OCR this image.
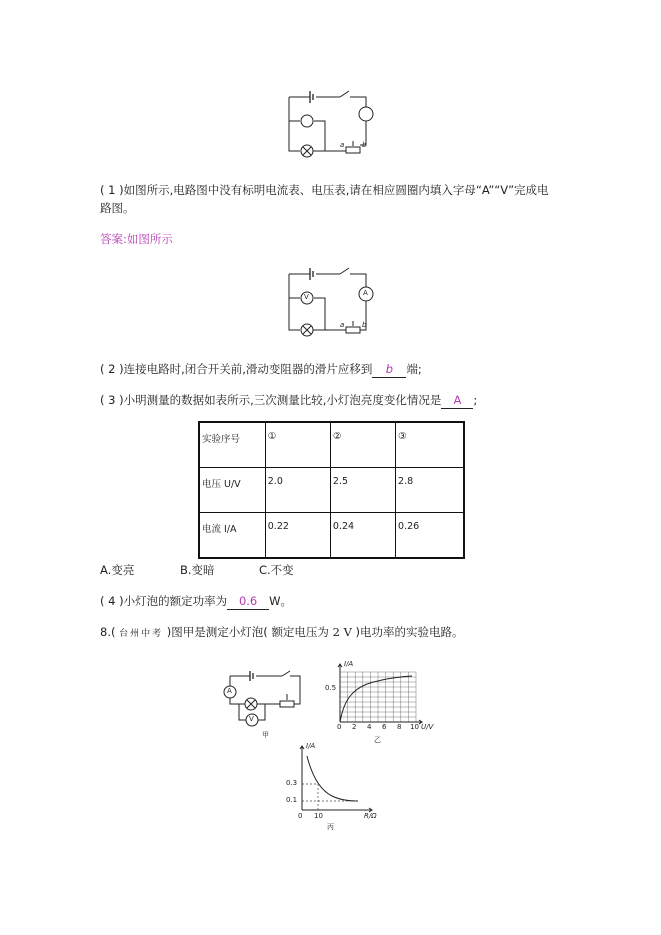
a	b
( 1 )如图所示,电路图中没有标明电流表、电压表,请在相应圆圈内填入字母“A”“V”完成电
路图。
答案:如图所示
V	A
a	b
( 2 )连接电路时,闭合开关前,滑动变阻器的滑片应移到 b 端;
( 3 )小明测量的数据如表所示,三次测量比较,小灯泡亮度变化情况是 A ;
实验序号	①	②	③
电压 U/V	2.0	2.5	2.8
电流 I/A	0.22	0.24	0.26
A.变亮	B.变暗	C.不变
( 4 )小灯泡的额定功率为 0.6 W。
8.( 台州中考 )图甲是测定小灯泡( 额定电压为 2 V )电功率的实验电路。
A
V
甲
I/A
0.5
0 2 4 6 8 10 U/V
乙
I/A
0.3
0.1
0 10	R/Ω
丙
